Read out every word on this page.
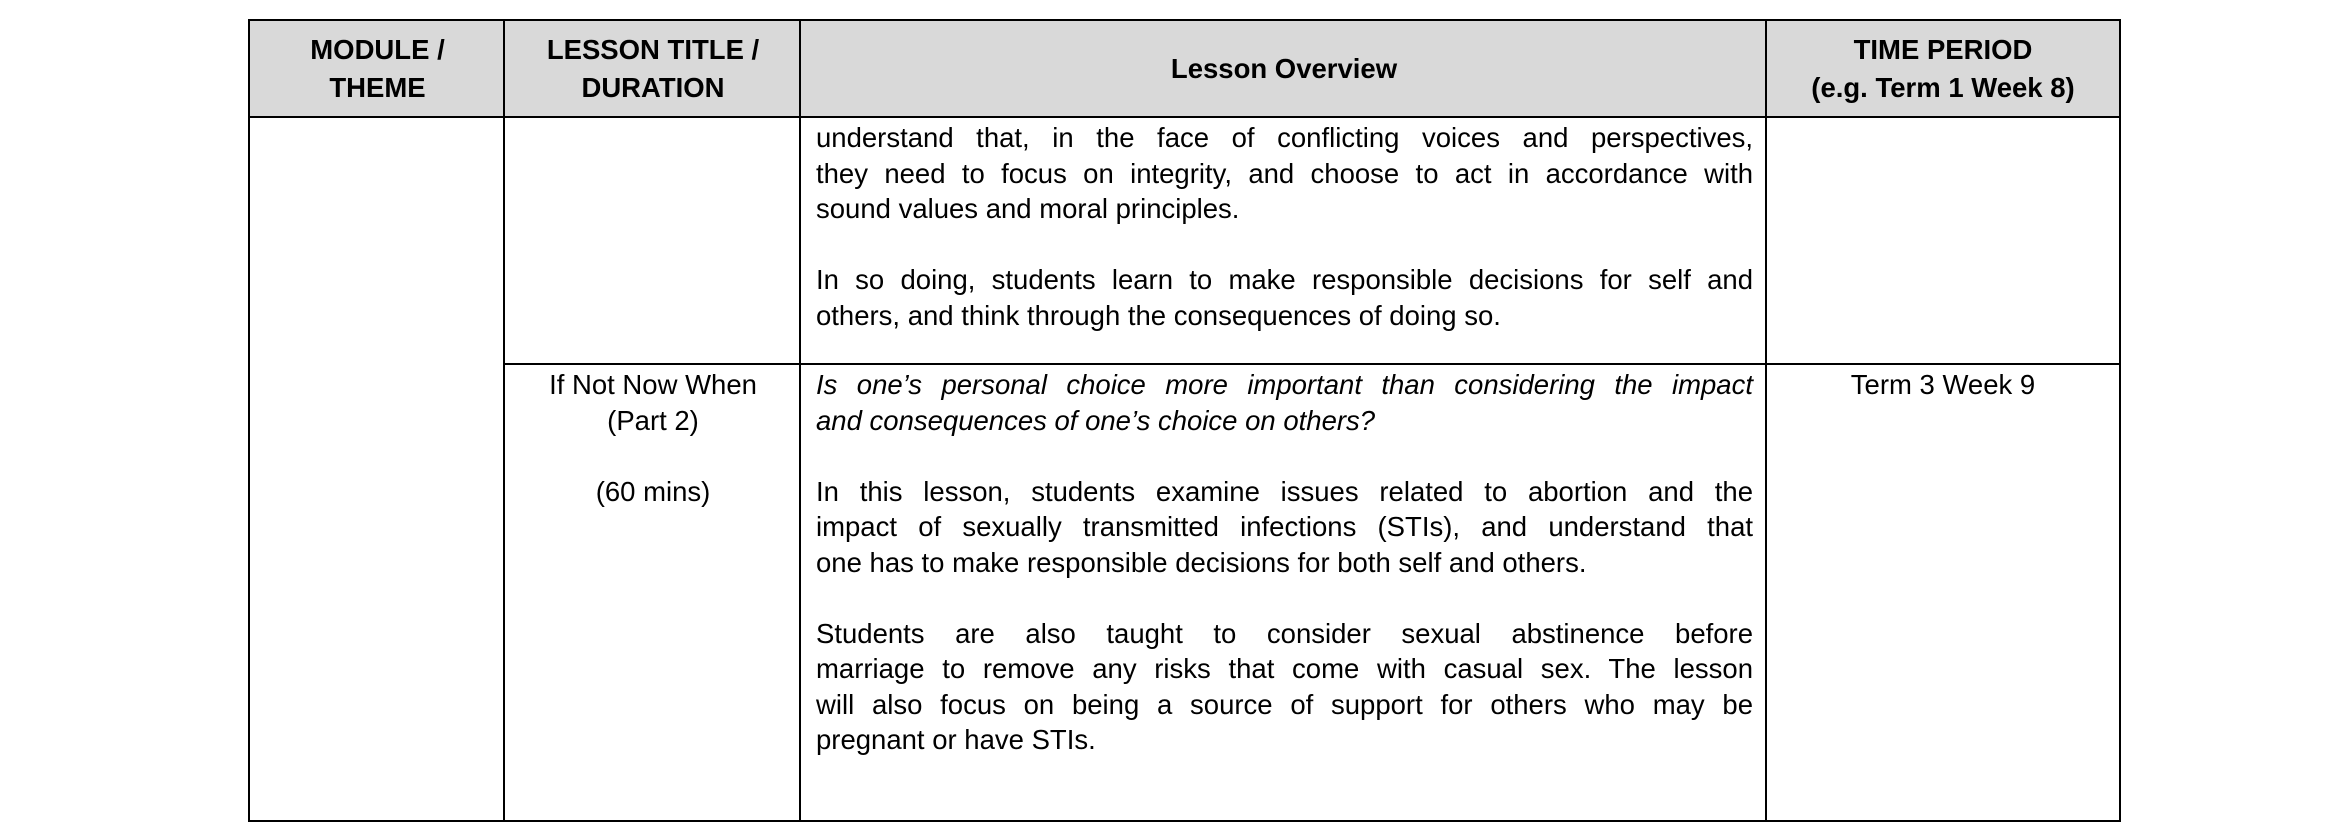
MODULE /
THEME
LESSON TITLE /
DURATION
Lesson Overview
TIME PERIOD
(e.g. Term 1 Week 8)
understand that, in the face of conflicting voices and perspectives,
they need to focus on integrity, and choose to act in accordance with
sound values and moral principles.
In so doing, students learn to make responsible decisions for self and
others, and think through the consequences of doing so.
If Not Now When
(Part 2)
(60 mins)
Is one’s personal choice more important than considering the impact
and consequences of one’s choice on others?
In this lesson, students examine issues related to abortion and the
impact of sexually transmitted infections (STIs), and understand that
one has to make responsible decisions for both self and others.
Students are also taught to consider sexual abstinence before
marriage to remove any risks that come with casual sex. The lesson
will also focus on being a source of support for others who may be
pregnant or have STIs.
Term 3 Week 9
